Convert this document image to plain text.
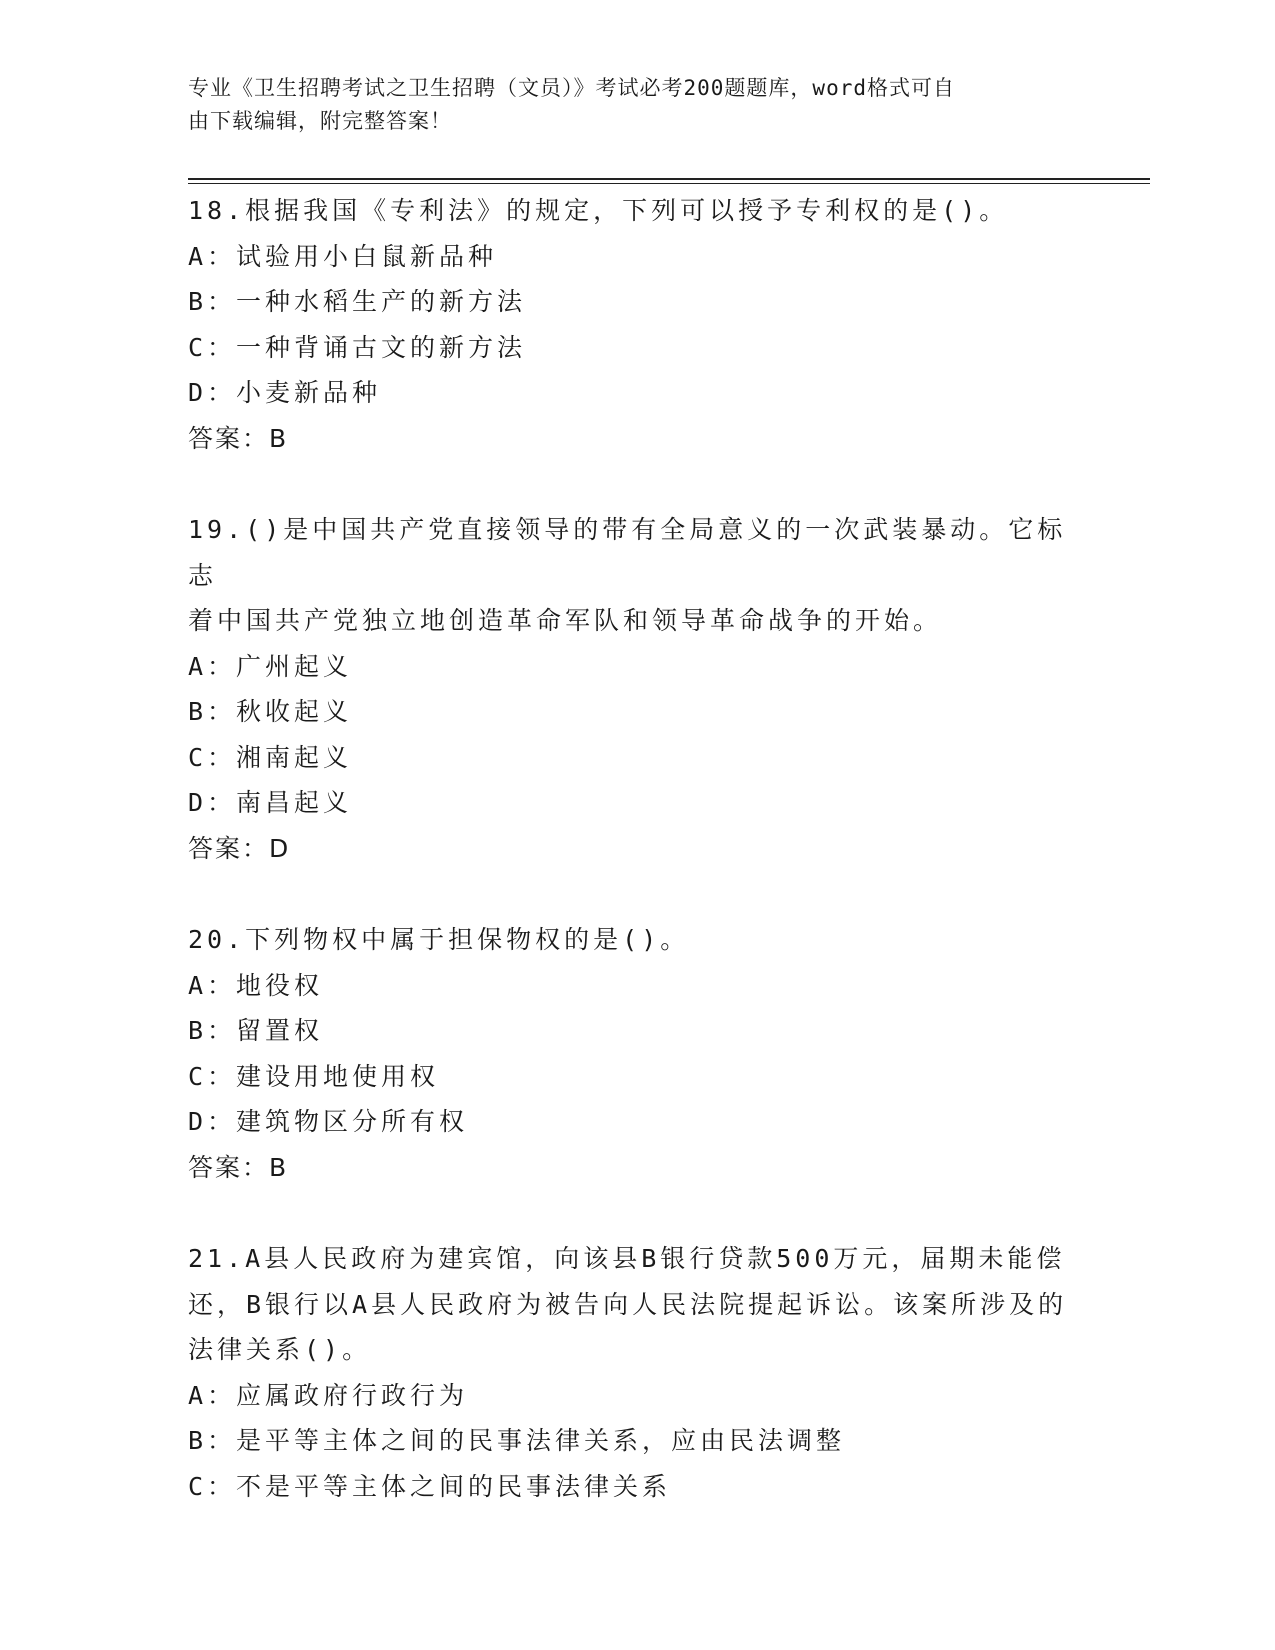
专业《卫生招聘考试之卫生招聘（文员）》考试必考200题题库，word格式可自
由下载编辑，附完整答案！
18.根据我国《专利法》的规定，下列可以授予专利权的是()。
A：试验用小白鼠新品种
B：一种水稻生产的新方法
C：一种背诵古文的新方法
D：小麦新品种
答案：B
19.()是中国共产党直接领导的带有全局意义的一次武装暴动。它标志
着中国共产党独立地创造革命军队和领导革命战争的开始。
A：广州起义
B：秋收起义
C：湘南起义
D：南昌起义
答案：D
20.下列物权中属于担保物权的是()。
A：地役权
B：留置权
C：建设用地使用权
D：建筑物区分所有权
答案：B
21.A县人民政府为建宾馆，向该县B银行贷款500万元，届期未能偿
还，B银行以A县人民政府为被告向人民法院提起诉讼。该案所涉及的
法律关系()。
A：应属政府行政行为
B：是平等主体之间的民事法律关系，应由民法调整
C：不是平等主体之间的民事法律关系
